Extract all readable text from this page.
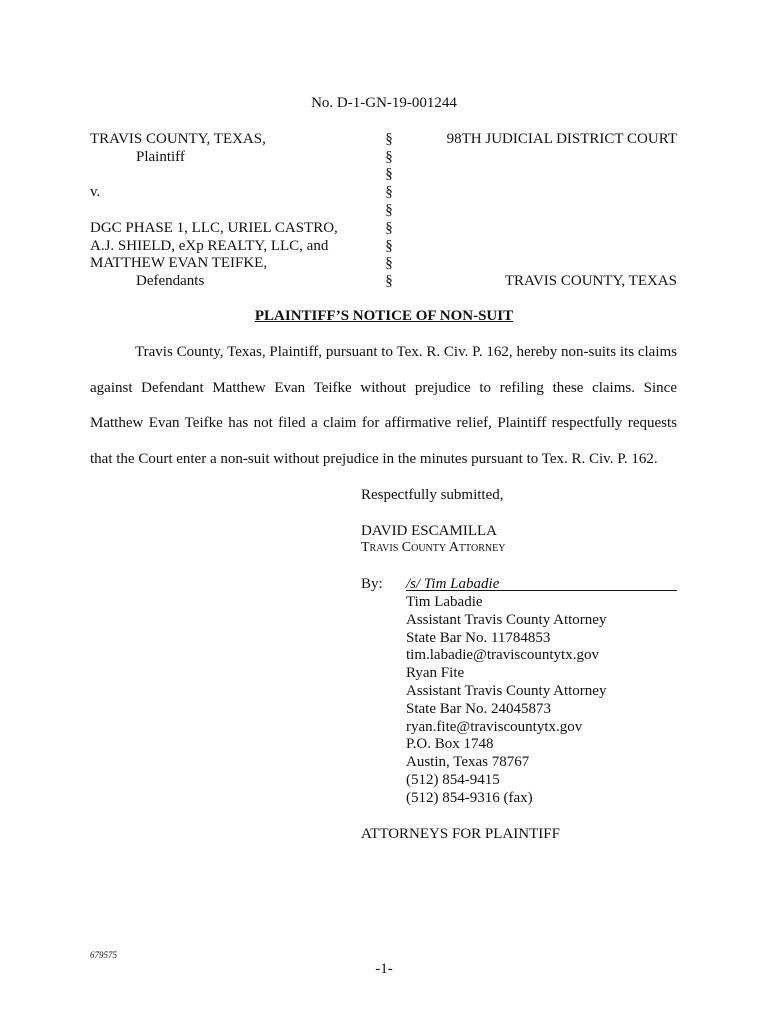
No. D-1-GN-19-001244
TRAVIS COUNTY, TEXAS,
Plaintiff
v.
DGC PHASE 1, LLC, URIEL CASTRO,
A.J. SHIELD, eXp REALTY, LLC, and
MATTHEW EVAN TEIFKE,
Defendants
§
§
§
§
§
§
§
§
§
98TH JUDICIAL DISTRICT COURT
TRAVIS COUNTY, TEXAS
PLAINTIFF’S NOTICE OF NON-SUIT
Travis County, Texas, Plaintiff, pursuant to Tex. R. Civ. P. 162, hereby non-suits its claims against Defendant Matthew Evan Teifke without prejudice to refiling these claims. Since Matthew Evan Teifke has not filed a claim for affirmative relief, Plaintiff respectfully requests that the Court enter a non-suit without prejudice in the minutes pursuant to Tex. R. Civ. P. 162.
Respectfully submitted,
DAVID ESCAMILLA
Travis County Attorney
By: /s/ Tim Labadie
Tim Labadie
Assistant Travis County Attorney
State Bar No. 11784853
tim.labadie@traviscountytx.gov
Ryan Fite
Assistant Travis County Attorney
State Bar No. 24045873
ryan.fite@traviscountytx.gov
P.O. Box 1748
Austin, Texas 78767
(512) 854-9415
(512) 854-9316 (fax)
ATTORNEYS FOR PLAINTIFF
679575
-1-
